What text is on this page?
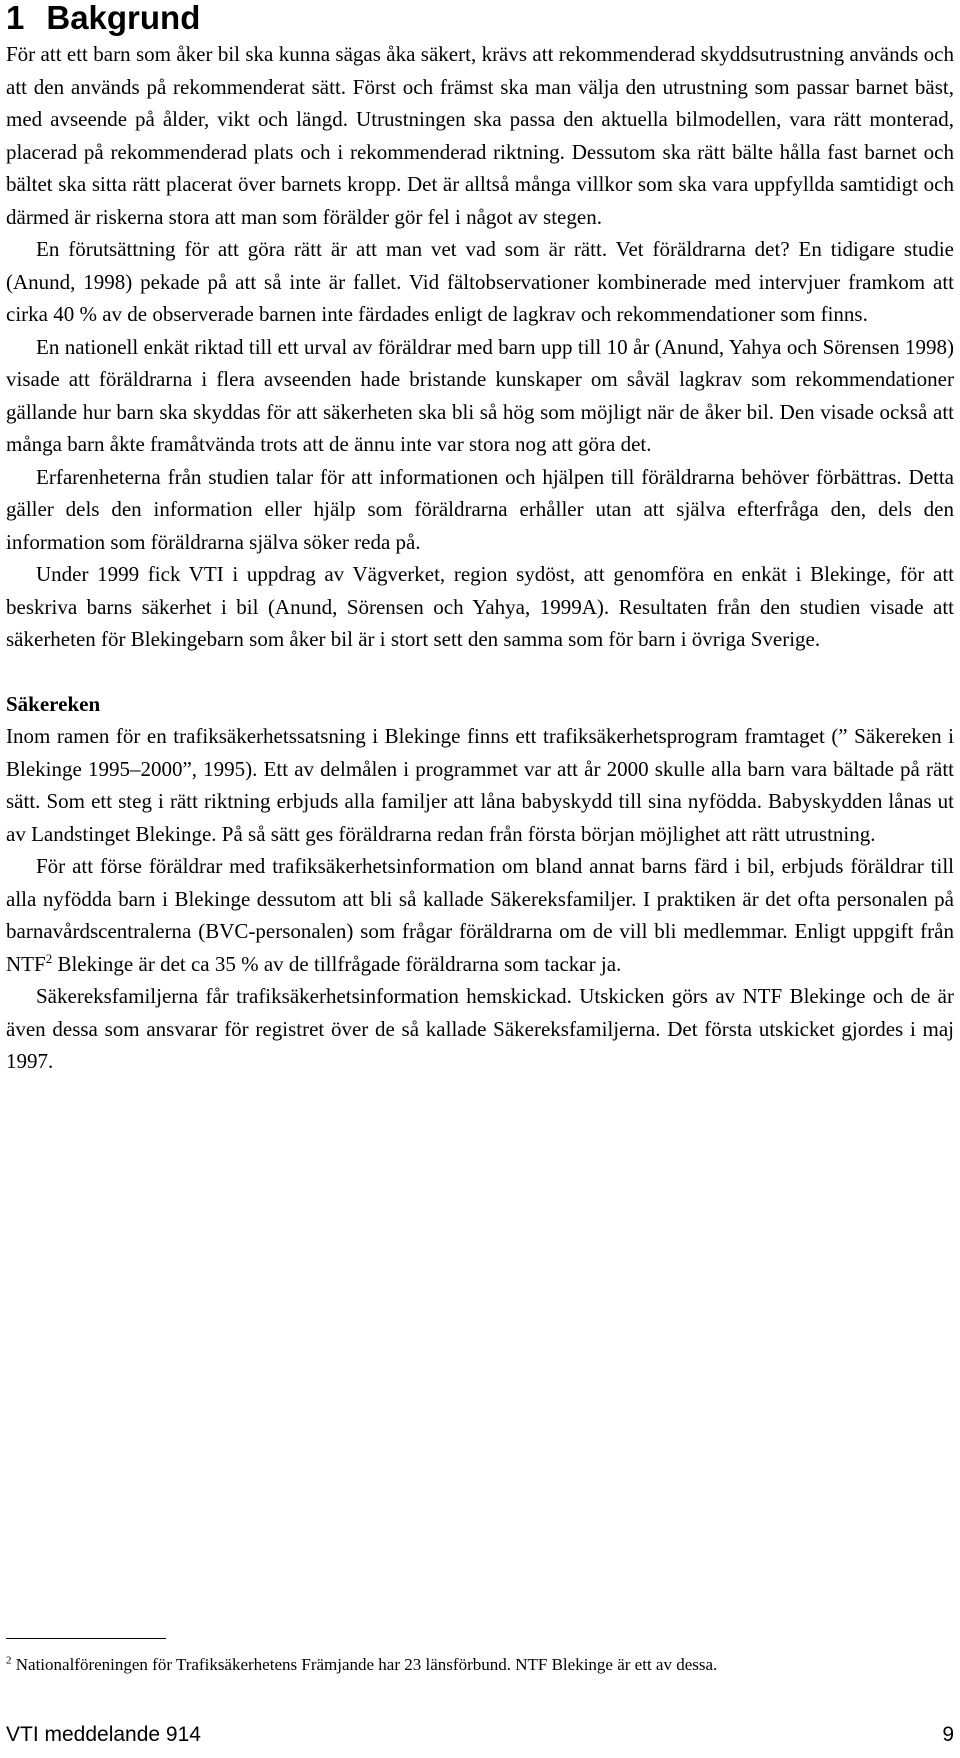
1 Bakgrund

För att ett barn som åker bil ska kunna sägas åka säkert, krävs att rekommenderad skyddsutrustning används och att den används på rekommenderat sätt. Först och främst ska man välja den utrustning som passar barnet bäst, med avseende på ålder, vikt och längd. Utrustningen ska passa den aktuella bilmodellen, vara rätt monterad, placerad på rekommenderad plats och i rekommenderad riktning. Dessutom ska rätt bälte hålla fast barnet och bältet ska sitta rätt placerat över barnets kropp. Det är alltså många villkor som ska vara uppfyllda samtidigt och därmed är riskerna stora att man som förälder gör fel i något av stegen.

En förutsättning för att göra rätt är att man vet vad som är rätt. Vet föräldrarna det? En tidigare studie (Anund, 1998) pekade på att så inte är fallet. Vid fältobservationer kombinerade med intervjuer framkom att cirka 40 % av de observerade barnen inte färdades enligt de lagkrav och rekommendationer som finns.

En nationell enkät riktad till ett urval av föräldrar med barn upp till 10 år (Anund, Yahya och Sörensen 1998) visade att föräldrarna i flera avseenden hade bristande kunskaper om såväl lagkrav som rekommendationer gällande hur barn ska skyddas för att säkerheten ska bli så hög som möjligt när de åker bil. Den visade också att många barn åkte framåtvända trots att de ännu inte var stora nog att göra det.

Erfarenheterna från studien talar för att informationen och hjälpen till föräldrarna behöver förbättras. Detta gäller dels den information eller hjälp som föräldrarna erhåller utan att själva efterfråga den, dels den information som föräldrarna själva söker reda på.

Under 1999 fick VTI i uppdrag av Vägverket, region sydöst, att genomföra en enkät i Blekinge, för att beskriva barns säkerhet i bil (Anund, Sörensen och Yahya, 1999A). Resultaten från den studien visade att säkerheten för Blekingebarn som åker bil är i stort sett den samma som för barn i övriga Sverige.

Säkereken

Inom ramen för en trafiksäkerhetssatsning i Blekinge finns ett trafiksäkerhetsprogram framtaget (” Säkereken i Blekinge 1995–2000”, 1995). Ett av delmålen i programmet var att år 2000 skulle alla barn vara bältade på rätt sätt. Som ett steg i rätt riktning erbjuds alla familjer att låna babyskydd till sina nyfödda. Babyskydden lånas ut av Landstinget Blekinge. På så sätt ges föräldrarna redan från första början möjlighet att rätt utrustning.

För att förse föräldrar med trafiksäkerhetsinformation om bland annat barns färd i bil, erbjuds föräldrar till alla nyfödda barn i Blekinge dessutom att bli så kallade Säkereksfamiljer. I praktiken är det ofta personalen på barnavårdscentralerna (BVC-personalen) som frågar föräldrarna om de vill bli medlemmar. Enligt uppgift från NTF$^2$ Blekinge är det ca 35 % av de tillfrågade föräldrarna som tackar ja.

Säkereksfamiljerna får trafiksäkerhetsinformation hemskickad. Utskicken görs av NTF Blekinge och de är även dessa som ansvarar för registret över de så kallade Säkereksfamiljerna. Det första utskicket gjordes i maj 1997.

$^2$ Nationalföreningen för Trafiksäkerhetens Främjande har 23 länsförbund. NTF Blekinge är ett av dessa.
VTI meddelande 914	9
